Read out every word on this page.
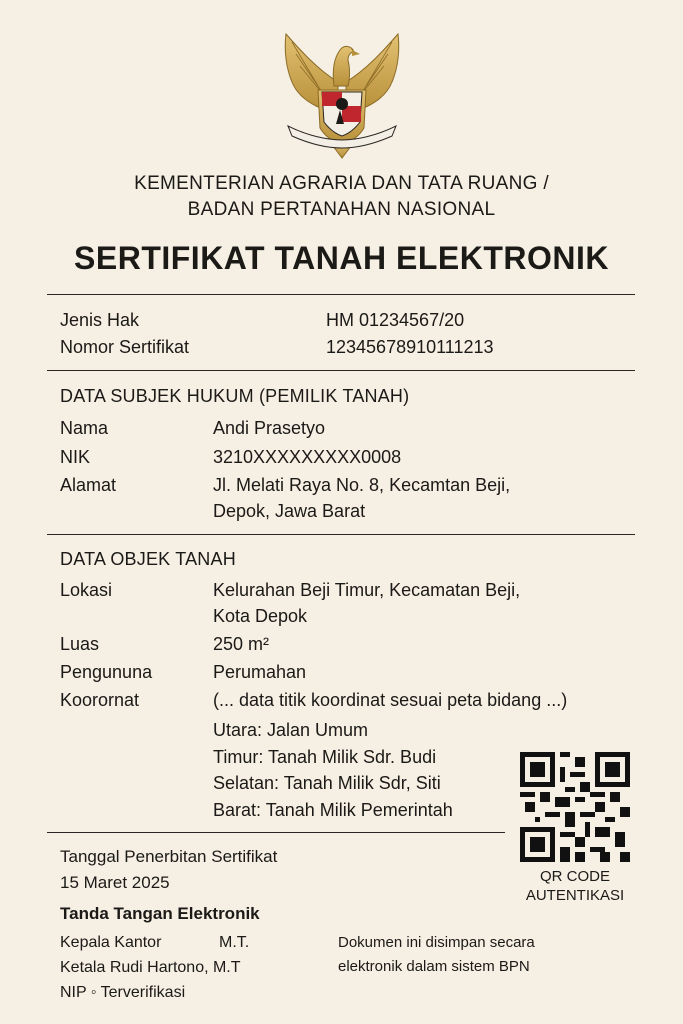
KEMENTERIAN AGRARIA DAN TATA RUANG /
BADAN PERTANAHAN NASIONAL
SERTIFIKAT TANAH ELEKTRONIK
Jenis Hak	HM 01234567/20
Nomor Sertifikat	12345678910111213
DATA SUBJEK HUKUM (PEMILIK TANAH)
Nama	Andi Prasetyo
NIK	3210XXXXXXXXX0008
Alamat	Jl. Melati Raya No. 8, Kecamtan Beji,
Depok, Jawa Barat
DATA OBJEK TANAH
Lokasi	Kelurahan Beji Timur, Kecamatan Beji,
Kota Depok
Luas	250 m²
Pengununa	Perumahan
Koorornat	(... data titik koordinat sesuai peta bidang ...)
Utara: Jalan Umum
Timur: Tanah Milik Sdr. Budi
Selatan: Tanah Milik Sdr, Siti
Barat: Tanah Milik Pemerintah
QR CODE
AUTENTIKASI
Tanggal Penerbitan Sertifikat
15 Maret 2025
Tanda Tangan Elektronik
Kepala Kantor	M.T.
Ketala Rudi Hartono, M.T
NIP ◦ Terverifikasi
Dokumen ini disimpan secara
elektronik dalam sistem BPN
